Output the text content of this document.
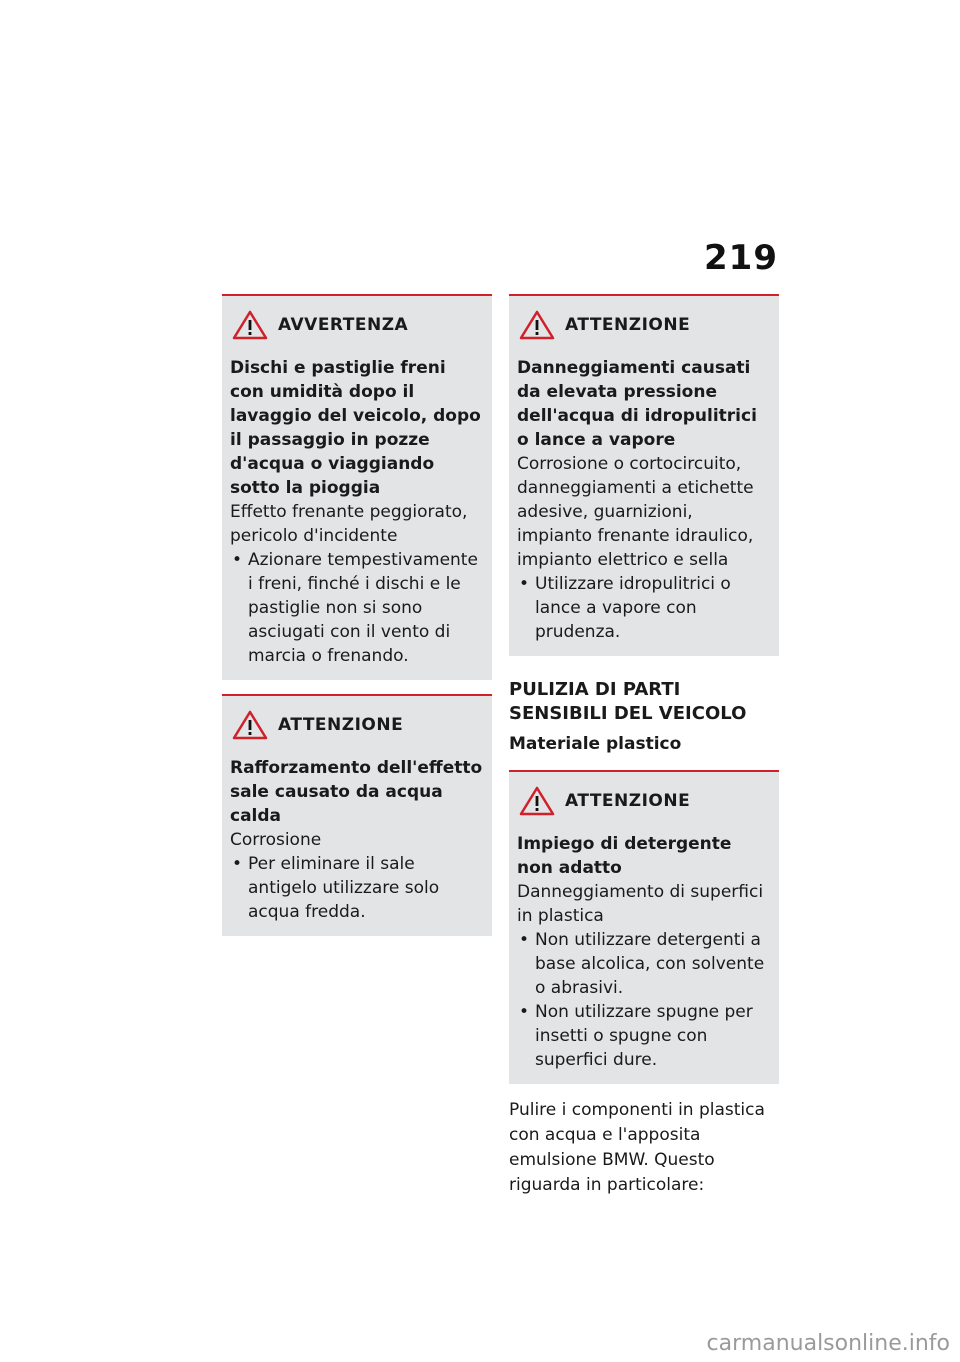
219
AVVERTENZA
Dischi e pastiglie freni con umidità dopo il lavaggio del veicolo, dopo il passaggio in pozze d'acqua o viaggiando sotto la pioggia
Effetto frenante peggiorato, pericolo d'incidente
• Azionare tempestivamente i freni, finché i dischi e le pastiglie non si sono asciugati con il vento di marcia o frenando.
ATTENZIONE
Rafforzamento dell'effetto sale causato da acqua calda
Corrosione
• Per eliminare il sale antigelo utilizzare solo acqua fredda.
ATTENZIONE
Danneggiamenti causati da elevata pressione dell'acqua di idropulitrici o lance a vapore
Corrosione o cortocircuito, danneggiamenti a etichette adesive, guarnizioni, impianto frenante idraulico, impianto elettrico e sella
• Utilizzare idropulitrici o lance a vapore con prudenza.
PULIZIA DI PARTI SENSIBILI DEL VEICOLO
Materiale plastico
ATTENZIONE
Impiego di detergente non adatto
Danneggiamento di superfici in plastica
• Non utilizzare detergenti a base alcolica, con solvente o abrasivi.
• Non utilizzare spugne per insetti o spugne con superfici dure.
Pulire i componenti in plastica con acqua e l'apposita emulsione BMW. Questo riguarda in particolare:
carmanualsonline.info
